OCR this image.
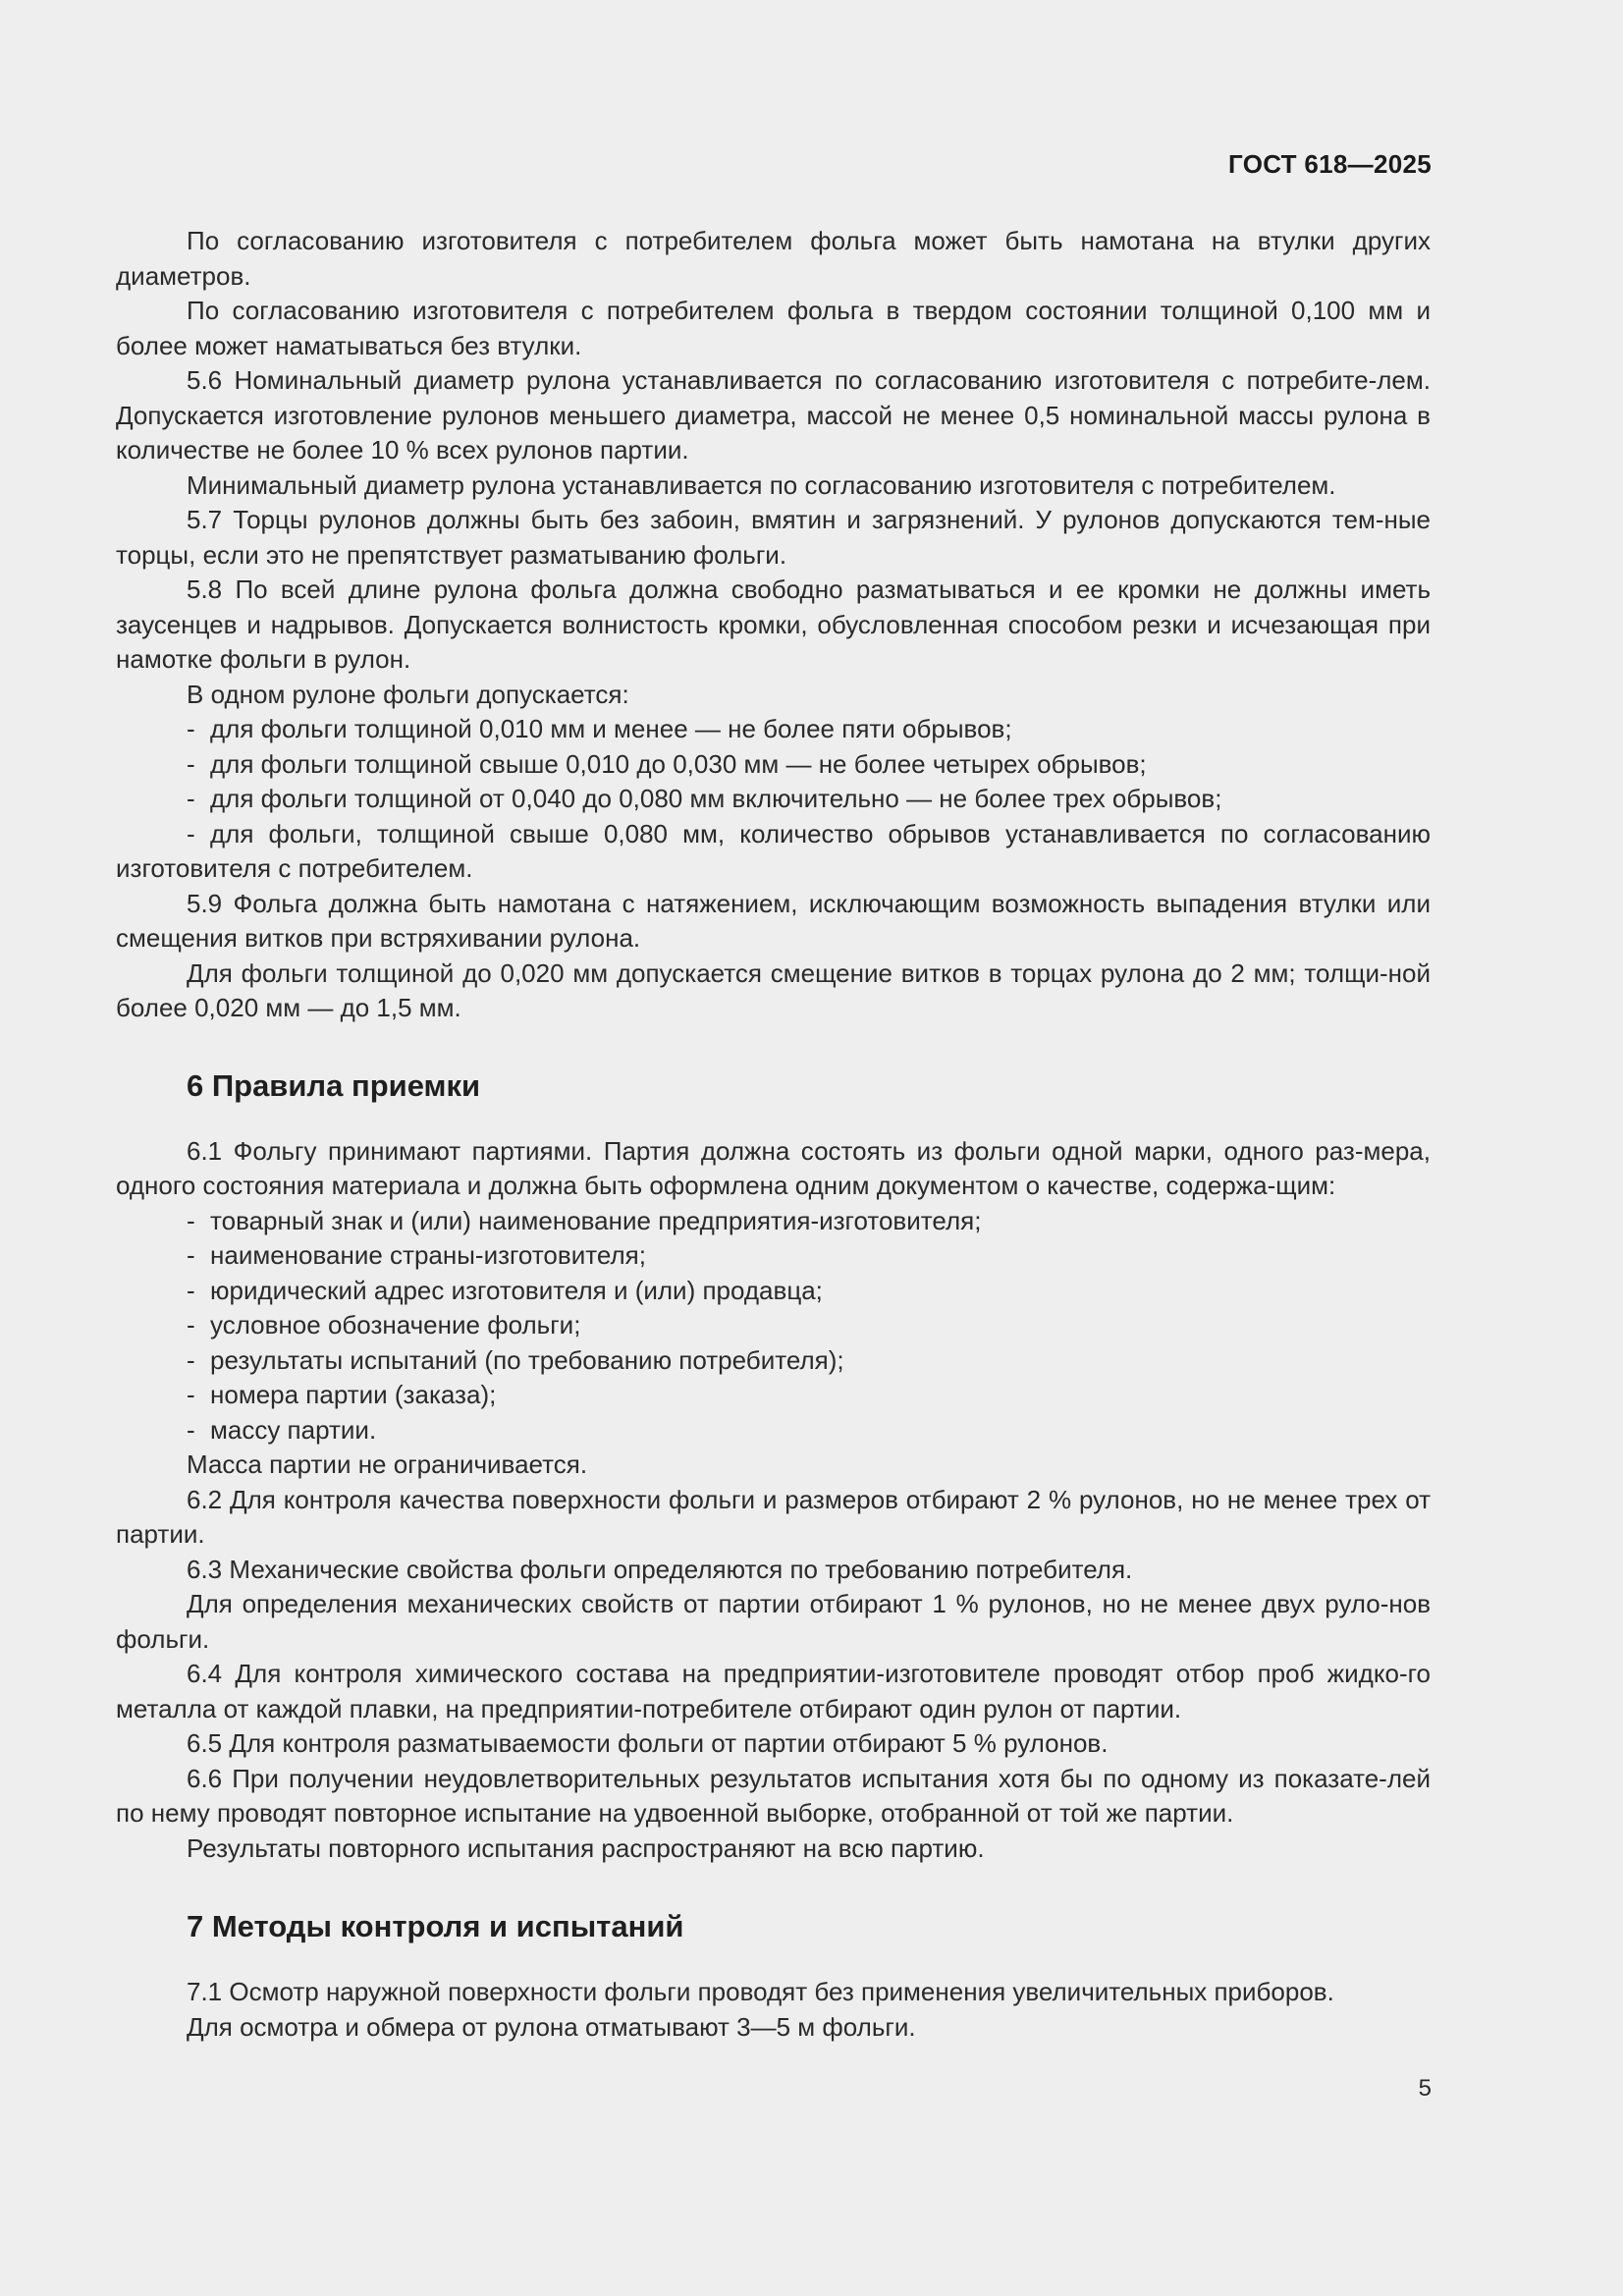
ГОСТ 618—2025

По согласованию изготовителя с потребителем фольга может быть намотана на втулки других диаметров.

По согласованию изготовителя с потребителем фольга в твердом состоянии толщиной 0,100 мм и более может наматываться без втулки.

5.6 Номинальный диаметр рулона устанавливается по согласованию изготовителя с потребите-лем. Допускается изготовление рулонов меньшего диаметра, массой не менее 0,5 номинальной массы рулона в количестве не более 10 % всех рулонов партии.

Минимальный диаметр рулона устанавливается по согласованию изготовителя с потребителем.

5.7 Торцы рулонов должны быть без забоин, вмятин и загрязнений. У рулонов допускаются тем-ные торцы, если это не препятствует разматыванию фольги.

5.8 По всей длине рулона фольга должна свободно разматываться и ее кромки не должны иметь заусенцев и надрывов. Допускается волнистость кромки, обусловленная способом резки и исчезающая при намотке фольги в рулон.

В одном рулоне фольги допускается:

- для фольги толщиной 0,010 мм и менее — не более пяти обрывов;

- для фольги толщиной свыше 0,010 до 0,030 мм — не более четырех обрывов;

- для фольги толщиной от 0,040 до 0,080 мм включительно — не более трех обрывов;

- для фольги, толщиной свыше 0,080 мм, количество обрывов устанавливается по согласованию изготовителя с потребителем.

5.9 Фольга должна быть намотана с натяжением, исключающим возможность выпадения втулки или смещения витков при встряхивании рулона.

Для фольги толщиной до 0,020 мм допускается смещение витков в торцах рулона до 2 мм; толщи-ной более 0,020 мм — до 1,5 мм.

6 Правила приемки

6.1 Фольгу принимают партиями. Партия должна состоять из фольги одной марки, одного раз-мера, одного состояния материала и должна быть оформлена одним документом о качестве, содержа-щим:

- товарный знак и (или) наименование предприятия-изготовителя;

- наименование страны-изготовителя;

- юридический адрес изготовителя и (или) продавца;

- условное обозначение фольги;

- результаты испытаний (по требованию потребителя);

- номера партии (заказа);

- массу партии.

Масса партии не ограничивается.

6.2 Для контроля качества поверхности фольги и размеров отбирают 2 % рулонов, но не менее трех от партии.

6.3 Механические свойства фольги определяются по требованию потребителя.

Для определения механических свойств от партии отбирают 1 % рулонов, но не менее двух руло-нов фольги.

6.4 Для контроля химического состава на предприятии-изготовителе проводят отбор проб жидко-го металла от каждой плавки, на предприятии-потребителе отбирают один рулон от партии.

6.5 Для контроля разматываемости фольги от партии отбирают 5 % рулонов.

6.6 При получении неудовлетворительных результатов испытания хотя бы по одному из показате-лей по нему проводят повторное испытание на удвоенной выборке, отобранной от той же партии.

Результаты повторного испытания распространяют на всю партию.

7 Методы контроля и испытаний

7.1 Осмотр наружной поверхности фольги проводят без применения увеличительных приборов.

Для осмотра и обмера от рулона отматывают 3—5 м фольги.

5
